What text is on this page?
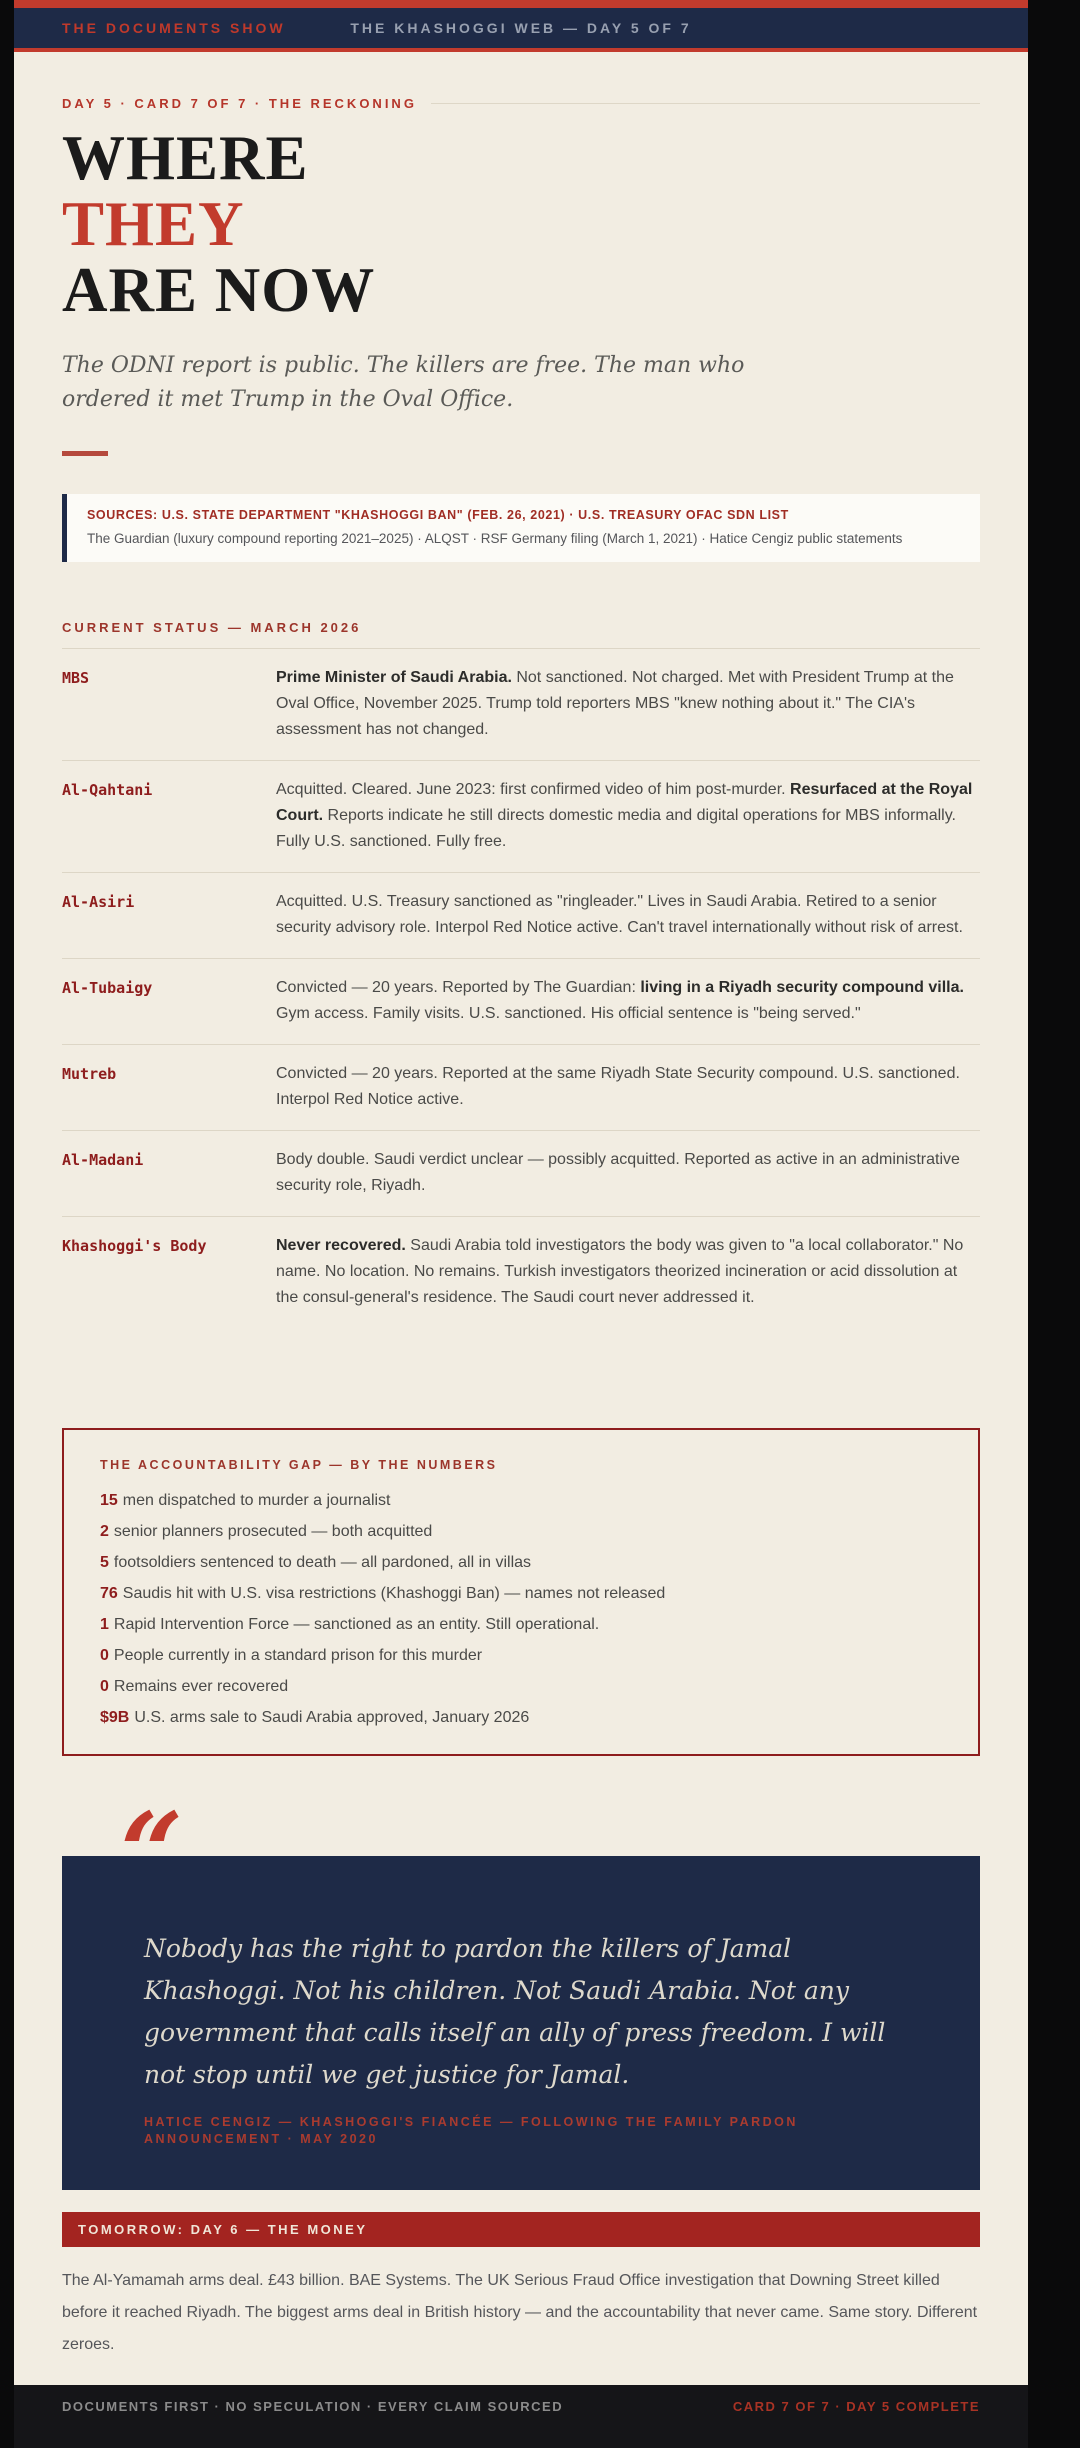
THE DOCUMENTS SHOW	THE KHASHOGGI WEB — DAY 5 OF 7
DAY 5 · CARD 7 OF 7 · THE RECKONING
WHERE
THEY
ARE NOW

The ODNI report is public. The killers are free. The man who ordered it met Trump in the Oval Office.

SOURCES: U.S. STATE DEPARTMENT "KHASHOGGI BAN" (FEB. 26, 2021) · U.S. TREASURY OFAC SDN LIST
The Guardian (luxury compound reporting 2021–2025) · ALQST · RSF Germany filing (March 1, 2021) · Hatice Cengiz public statements
CURRENT STATUS — MARCH 2026
MBS	Prime Minister of Saudi Arabia. Not sanctioned. Not charged. Met with President Trump at the Oval Office, November 2025. Trump told reporters MBS "knew nothing about it." The CIA's assessment has not changed.
Al-Qahtani	Acquitted. Cleared. June 2023: first confirmed video of him post-murder. Resurfaced at the Royal Court. Reports indicate he still directs domestic media and digital operations for MBS informally. Fully U.S. sanctioned. Fully free.
Al-Asiri	Acquitted. U.S. Treasury sanctioned as "ringleader." Lives in Saudi Arabia. Retired to a senior security advisory role. Interpol Red Notice active. Can't travel internationally without risk of arrest.
Al-Tubaigy	Convicted — 20 years. Reported by The Guardian: living in a Riyadh security compound villa. Gym access. Family visits. U.S. sanctioned. His official sentence is "being served."
Mutreb	Convicted — 20 years. Reported at the same Riyadh State Security compound. U.S. sanctioned. Interpol Red Notice active.
Al-Madani	Body double. Saudi verdict unclear — possibly acquitted. Reported as active in an administrative security role, Riyadh.
Khashoggi's Body	Never recovered. Saudi Arabia told investigators the body was given to "a local collaborator." No name. No location. No remains. Turkish investigators theorized incineration or acid dissolution at the consul-general's residence. The Saudi court never addressed it.
THE ACCOUNTABILITY GAP — BY THE NUMBERS
15 men dispatched to murder a journalist
2 senior planners prosecuted — both acquitted
5 footsoldiers sentenced to death — all pardoned, all in villas
76 Saudis hit with U.S. visa restrictions (Khashoggi Ban) — names not released
1 Rapid Intervention Force — sanctioned as an entity. Still operational.
0 People currently in a standard prison for this murder
0 Remains ever recovered
$9B U.S. arms sale to Saudi Arabia approved, January 2026
“
Nobody has the right to pardon the killers of Jamal Khashoggi. Not his children. Not Saudi Arabia. Not any government that calls itself an ally of press freedom. I will not stop until we get justice for Jamal.
HATICE CENGIZ — KHASHOGGI'S FIANCÉE — FOLLOWING THE FAMILY PARDON ANNOUNCEMENT · MAY 2020
TOMORROW: DAY 6 — THE MONEY

The Al-Yamamah arms deal. £43 billion. BAE Systems. The UK Serious Fraud Office investigation that Downing Street killed before it reached Riyadh. The biggest arms deal in British history — and the accountability that never came. Same story. Different zeroes.

DOCUMENTS FIRST · NO SPECULATION · EVERY CLAIM SOURCED	CARD 7 OF 7 · DAY 5 COMPLETE
